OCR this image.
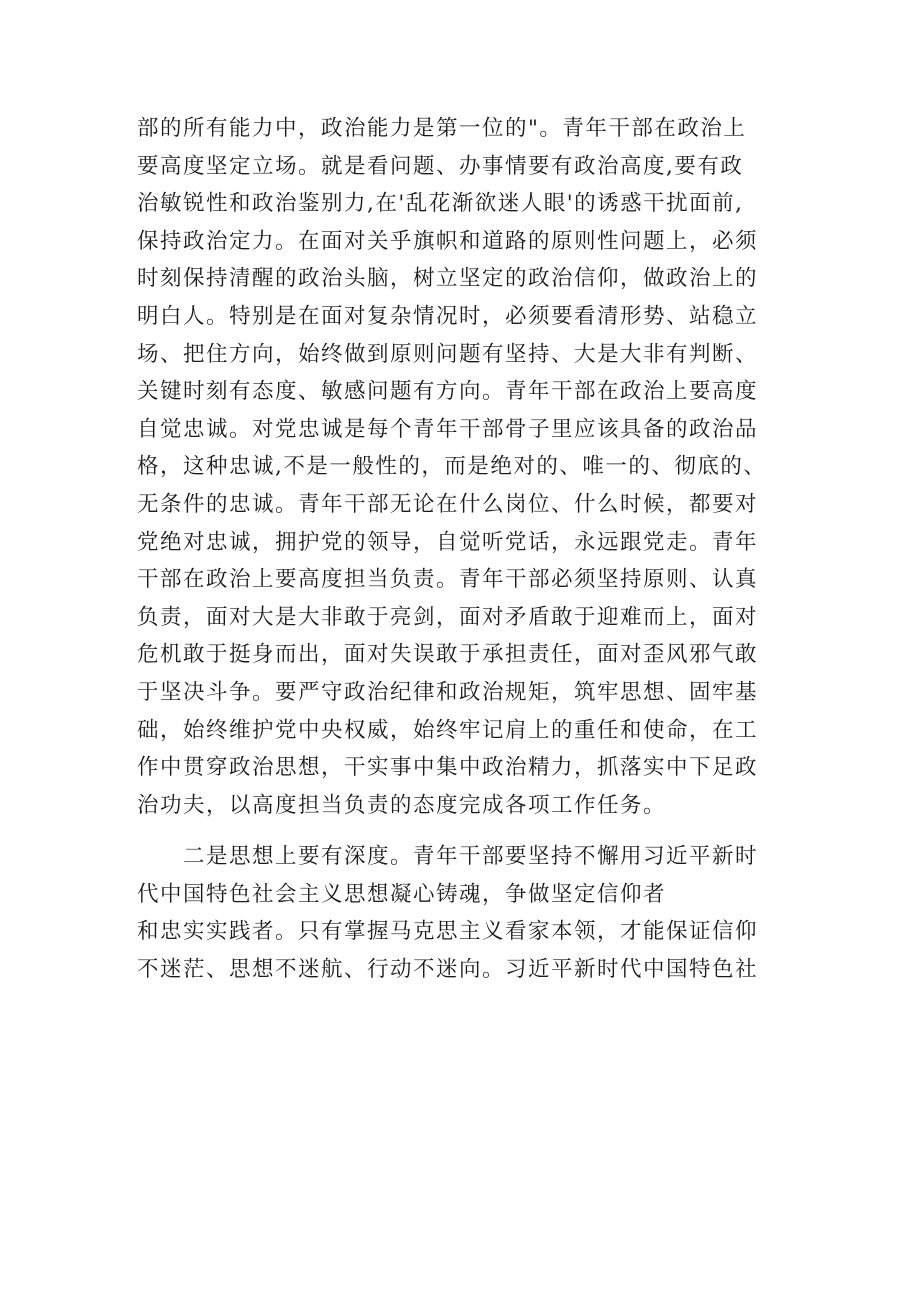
部的所有能力中，政治能力是第一位的"。青年干部在政治上
要高度坚定立场。就是看问题、办事情要有政治高度,要有政
治敏锐性和政治鉴别力,在'乱花渐欲迷人眼'的诱惑干扰面前,
保持政治定力。在面对关乎旗帜和道路的原则性问题上，必须
时刻保持清醒的政治头脑，树立坚定的政治信仰，做政治上的
明白人。特别是在面对复杂情况时，必须要看清形势、站稳立
场、把住方向，始终做到原则问题有坚持、大是大非有判断、
关键时刻有态度、敏感问题有方向。青年干部在政治上要高度
自觉忠诚。对党忠诚是每个青年干部骨子里应该具备的政治品
格，这种忠诚,不是一般性的，而是绝对的、唯一的、彻底的、
无条件的忠诚。青年干部无论在什么岗位、什么时候，都要对
党绝对忠诚，拥护党的领导，自觉听党话，永远跟党走。青年
干部在政治上要高度担当负责。青年干部必须坚持原则、认真
负责，面对大是大非敢于亮剑，面对矛盾敢于迎难而上，面对
危机敢于挺身而出，面对失误敢于承担责任，面对歪风邪气敢
于坚决斗争。要严守政治纪律和政治规矩，筑牢思想、固牢基
础，始终维护党中央权威，始终牢记肩上的重任和使命，在工
作中贯穿政治思想，干实事中集中政治精力，抓落实中下足政
治功夫，以高度担当负责的态度完成各项工作任务。
二是思想上要有深度。青年干部要坚持不懈用习近平新时
代中国特色社会主义思想凝心铸魂，争做坚定信仰者
和忠实实践者。只有掌握马克思主义看家本领，才能保证信仰
不迷茫、思想不迷航、行动不迷向。习近平新时代中国特色社
